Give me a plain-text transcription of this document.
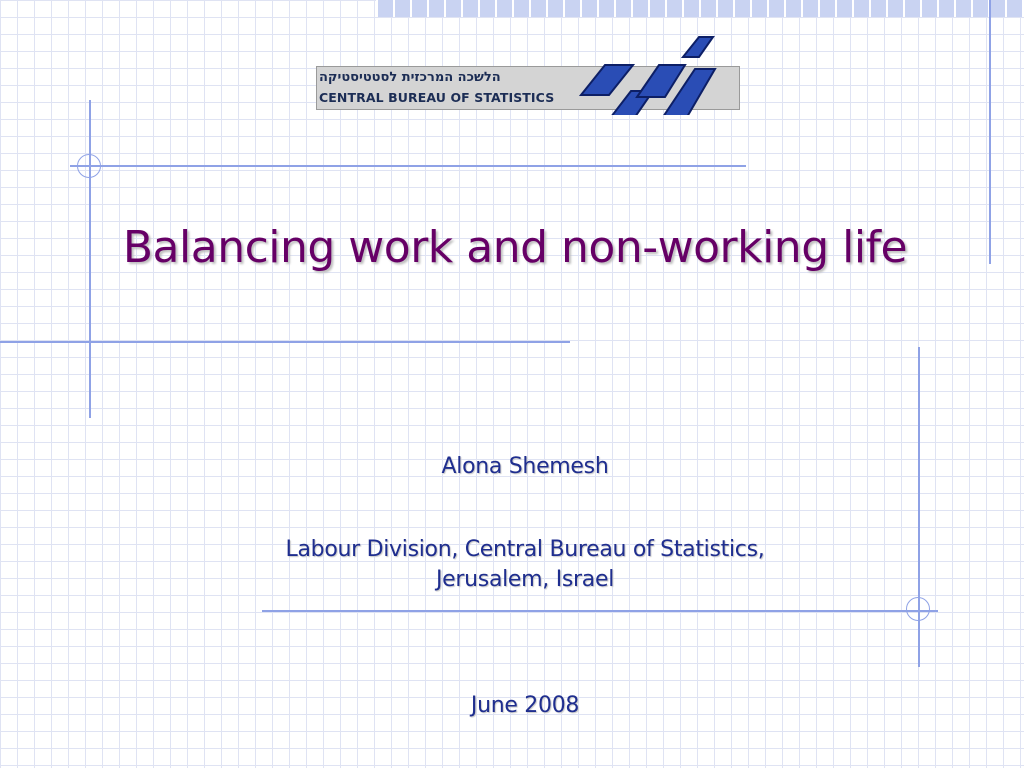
הלשכה המרכזית לסטטיסטיקה
CENTRAL BUREAU OF STATISTICS
Balancing work and non-working life
Alona Shemesh
Labour Division, Central Bureau of Statistics,
Jerusalem, Israel
June 2008
